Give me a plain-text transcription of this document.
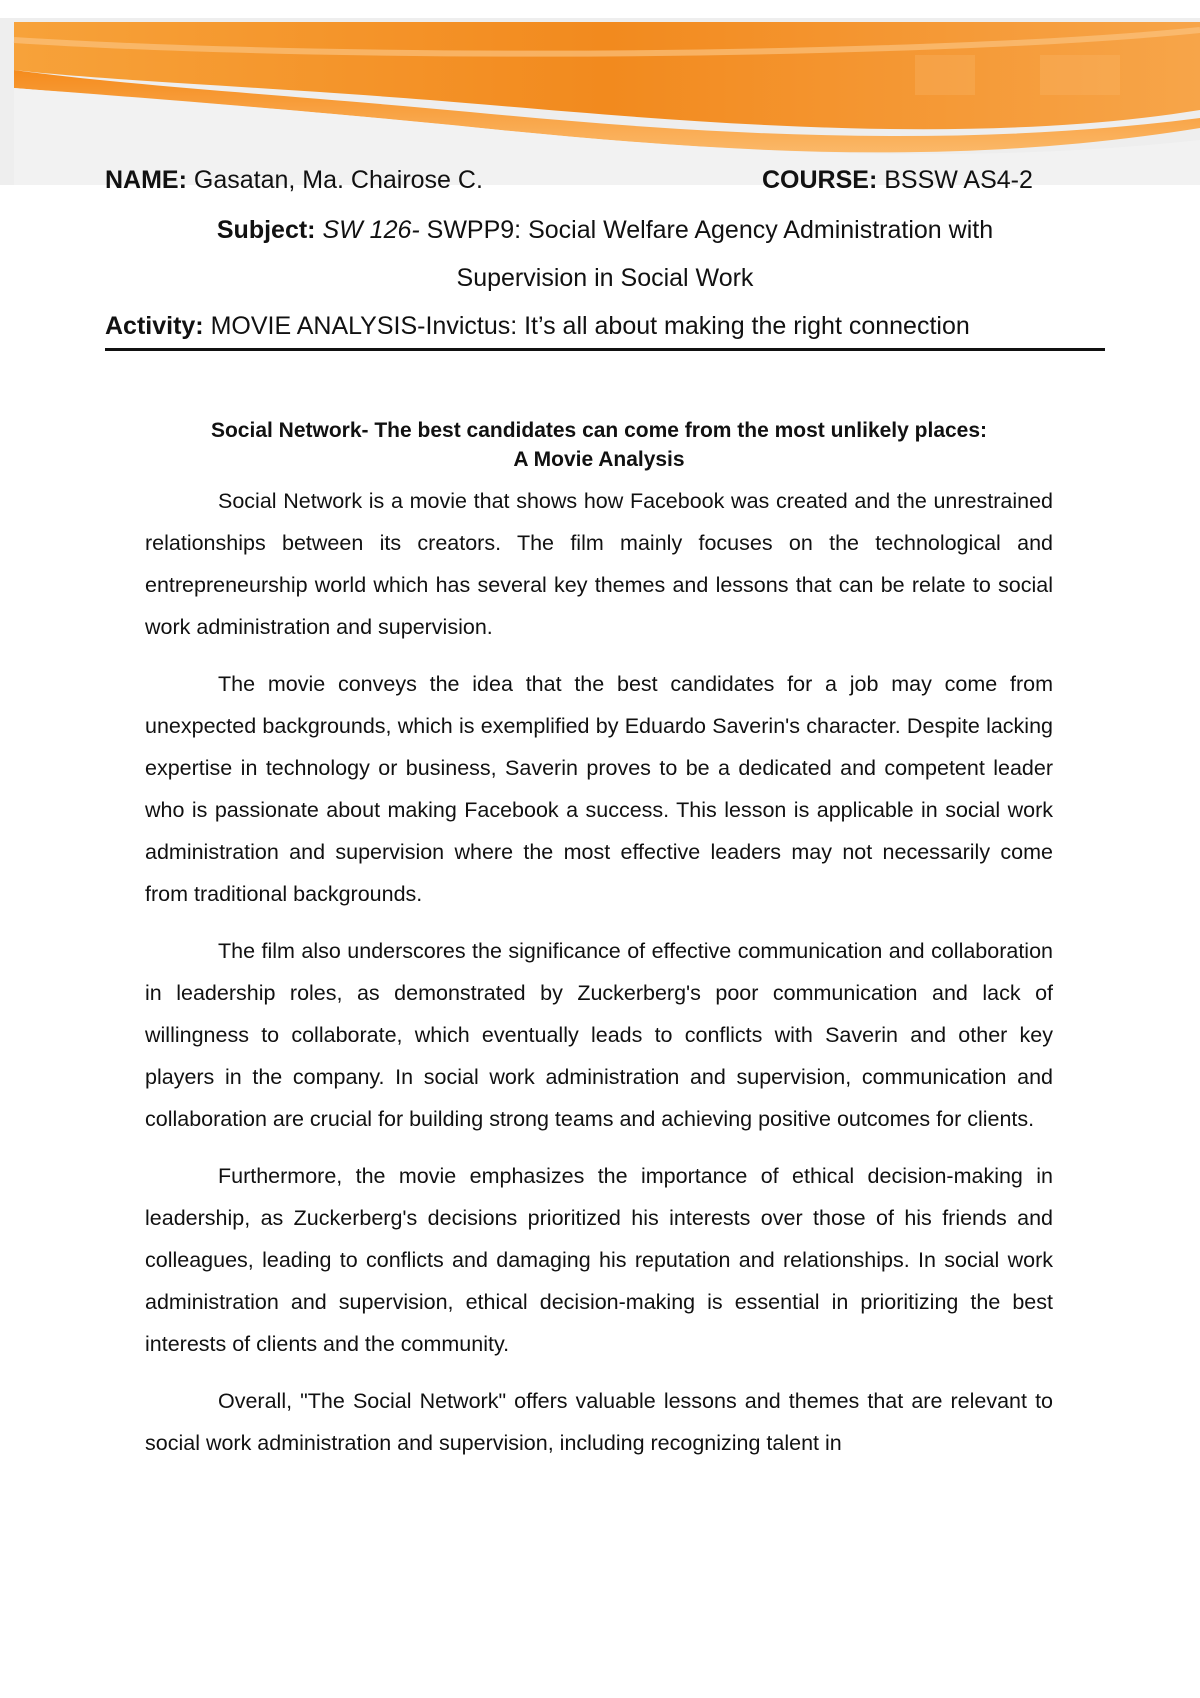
NAME: Gasatan, Ma. Chairose C.	COURSE: BSSW AS4-2
Subject: SW 126- SWPP9: Social Welfare Agency Administration with
Supervision in Social Work
Activity: MOVIE ANALYSIS-Invictus: It’s all about making the right connection
Social Network- The best candidates can come from the most unlikely places:
A Movie Analysis

Social Network is a movie that shows how Facebook was created and the unrestrained relationships between its creators. The film mainly focuses on the technological and entrepreneurship world which has several key themes and lessons that can be relate to social work administration and supervision.

The movie conveys the idea that the best candidates for a job may come from unexpected backgrounds, which is exemplified by Eduardo Saverin's character. Despite lacking expertise in technology or business, Saverin proves to be a dedicated and competent leader who is passionate about making Facebook a success. This lesson is applicable in social work administration and supervision where the most effective leaders may not necessarily come from traditional backgrounds.

The film also underscores the significance of effective communication and collaboration in leadership roles, as demonstrated by Zuckerberg's poor communication and lack of willingness to collaborate, which eventually leads to conflicts with Saverin and other key players in the company. In social work administration and supervision, communication and collaboration are crucial for building strong teams and achieving positive outcomes for clients.

Furthermore, the movie emphasizes the importance of ethical decision-making in leadership, as Zuckerberg's decisions prioritized his interests over those of his friends and colleagues, leading to conflicts and damaging his reputation and relationships. In social work administration and supervision, ethical decision-making is essential in prioritizing the best interests of clients and the community.

Overall, "The Social Network" offers valuable lessons and themes that are relevant to social work administration and supervision, including recognizing talent in
